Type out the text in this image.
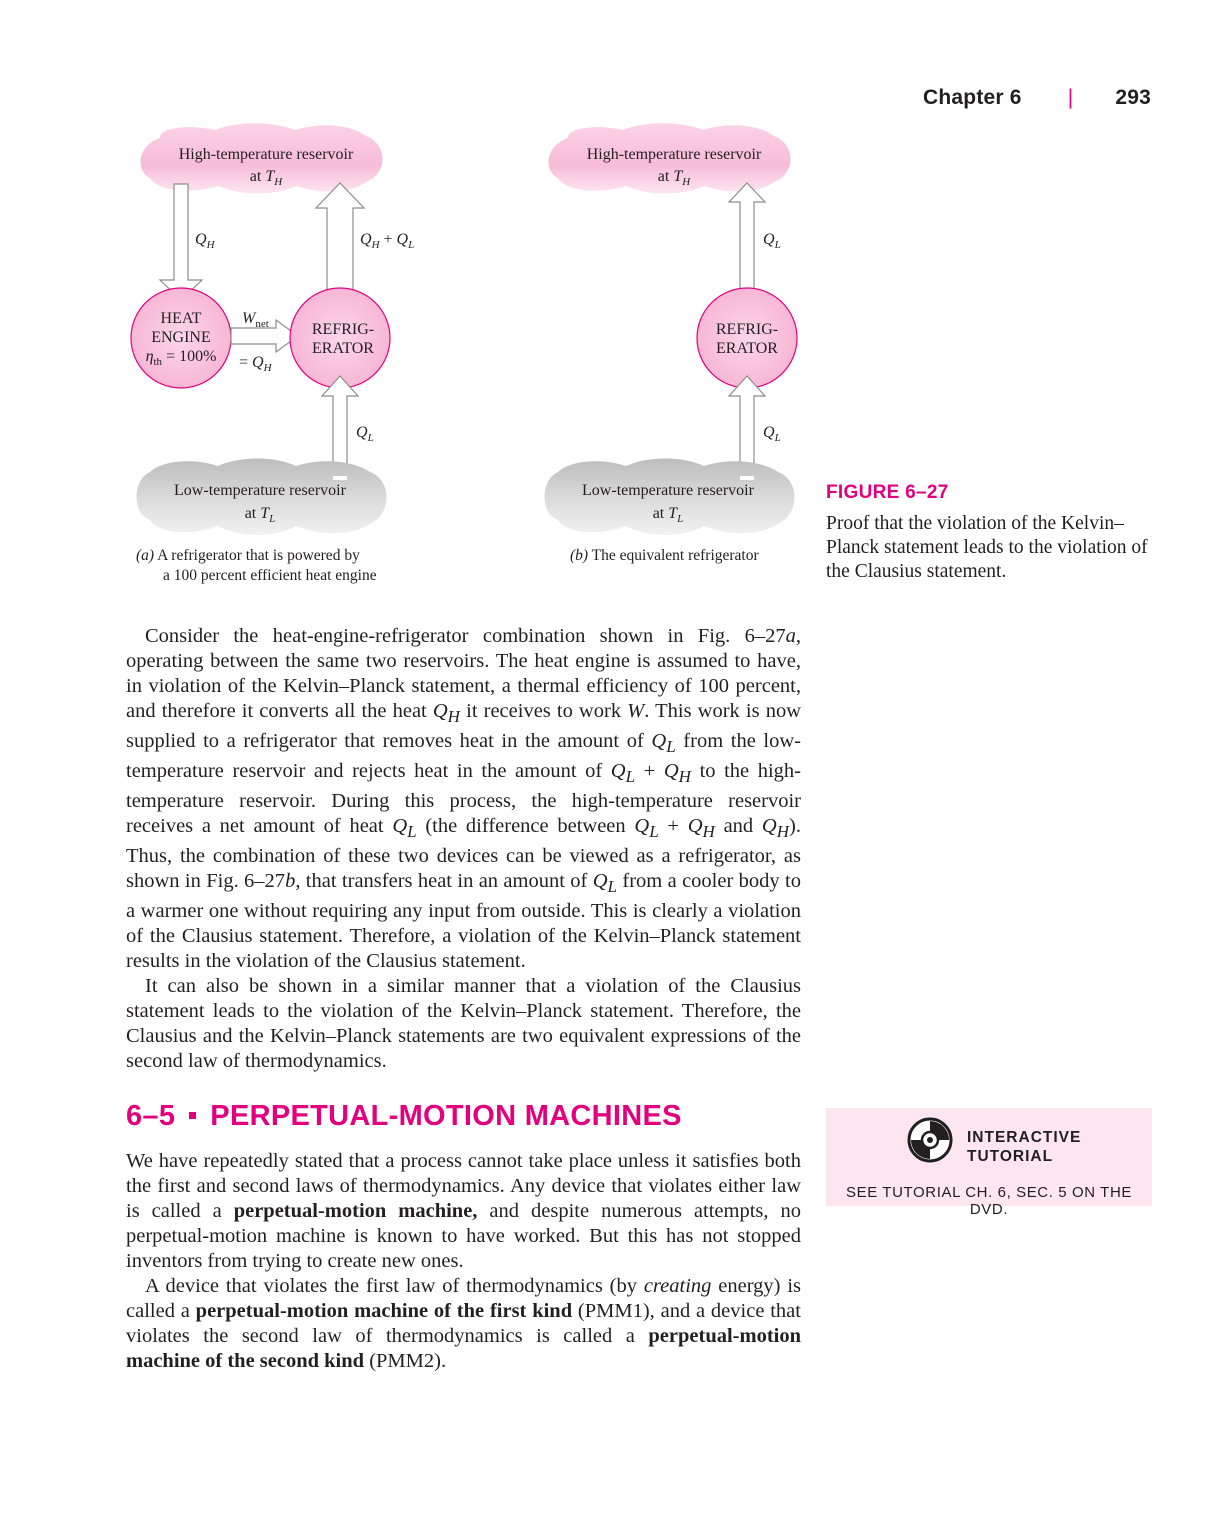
Chapter 6 | 293
High-temperature reservoir
at $T_H$
$Q_H$	$Q_H + Q_L$
HEAT
ENGINE
$\eta_{th} = 100\%$
$W_{net}$
= $Q_H$
REFRIG-
ERATOR
$Q_L$
Low-temperature reservoir
at $T_L$
(a) A refrigerator that is powered by
a 100 percent efficient heat engine
High-temperature reservoir
at $T_H$
$Q_L$
REFRIG-
ERATOR
$Q_L$
Low-temperature reservoir
at $T_L$
(b) The equivalent refrigerator
FIGURE 6–27
Proof that the violation of the Kelvin–Planck statement leads to the violation of the Clausius statement.

Consider the heat-engine-refrigerator combination shown in Fig. 6–27a, operating between the same two reservoirs. The heat engine is assumed to have, in violation of the Kelvin–Planck statement, a thermal efficiency of 100 percent, and therefore it converts all the heat $Q_H$ it receives to work W. This work is now supplied to a refrigerator that removes heat in the amount of $Q_L$ from the low-temperature reservoir and rejects heat in the amount of $Q_L + Q_H$ to the high-temperature reservoir. During this process, the high-temperature reservoir receives a net amount of heat $Q_L$ (the difference between $Q_L + Q_H$ and $Q_H$). Thus, the combination of these two devices can be viewed as a refrigerator, as shown in Fig. 6–27b, that transfers heat in an amount of $Q_L$ from a cooler body to a warmer one without requiring any input from outside. This is clearly a violation of the Clausius statement. Therefore, a violation of the Kelvin–Planck statement results in the violation of the Clausius statement.

It can also be shown in a similar manner that a violation of the Clausius statement leads to the violation of the Kelvin–Planck statement. Therefore, the Clausius and the Kelvin–Planck statements are two equivalent expressions of the second law of thermodynamics.

6–5 PERPETUAL-MOTION MACHINES

We have repeatedly stated that a process cannot take place unless it satisfies both the first and second laws of thermodynamics. Any device that violates either law is called a perpetual-motion machine, and despite numerous attempts, no perpetual-motion machine is known to have worked. But this has not stopped inventors from trying to create new ones.

A device that violates the first law of thermodynamics (by creating energy) is called a perpetual-motion machine of the first kind (PMM1), and a device that violates the second law of thermodynamics is called a perpetual-motion machine of the second kind (PMM2).

INTERACTIVE
TUTORIAL
SEE TUTORIAL CH. 6, SEC. 5 ON THE DVD.
